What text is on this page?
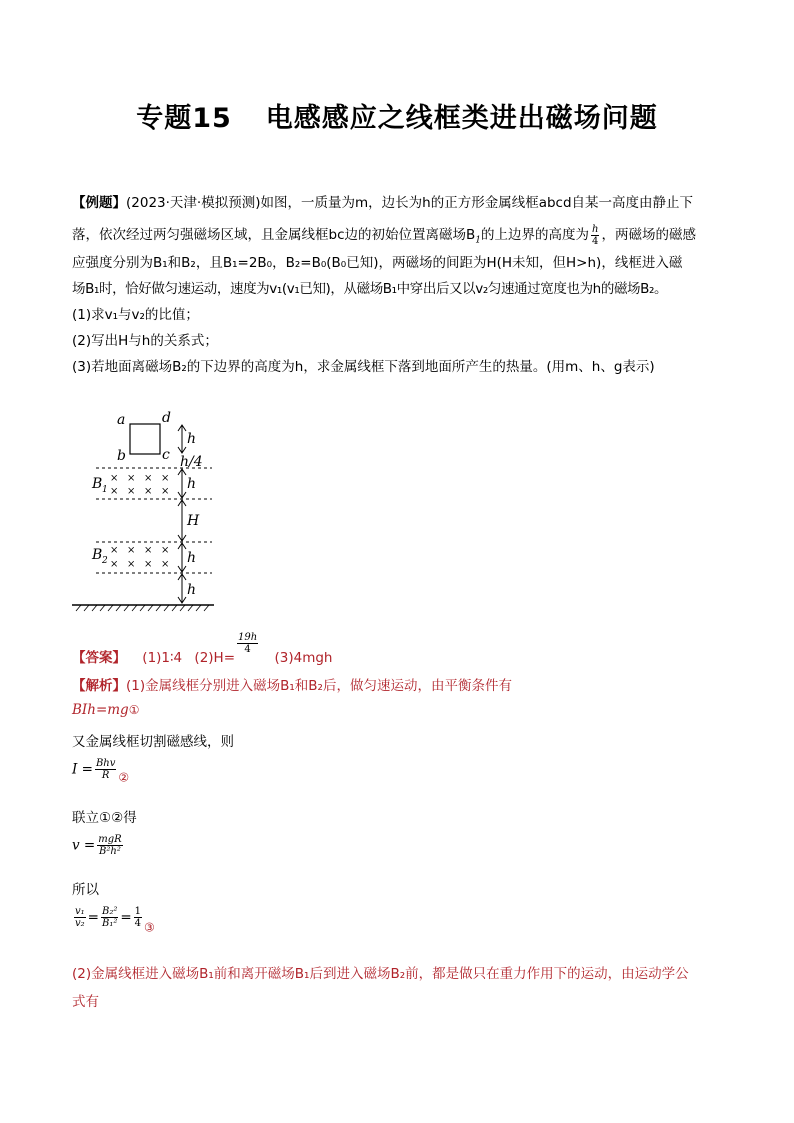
专题15 电感感应之线框类进出磁场问题
【例题】(2023·天津·模拟预测)如图，一质量为m，边长为h的正方形金属线框abcd自某一高度由静止下
落，依次经过两匀强磁场区域，且金属线框bc边的初始位置离磁场$B_1$的上边界的高度为 $\frac{h}{4}$ ，两磁场的磁感
应强度分别为B₁和B₂，且B₁=2B₀，B₂=B₀(B₀已知)，两磁场的间距为H(H未知，但H>h)，线框进入磁
场B₁时，恰好做匀速运动，速度为v₁(v₁已知)，从磁场B₁中穿出后又以v₂匀速通过宽度也为h的磁场B₂。
(1)求v₁与v₂的比值；
(2)写出H与h的关系式；
(3)若地面离磁场B₂的下边界的高度为h，求金属线框下落到地面所产生的热量。(用m、h、g表示)
a	d
b	c
h
h/4
B 1
× × × ×
× × × × h
H
B 2
× × × ×
× × × × h
h
【答案】 (1)1∶4 (2)H=
$\frac{19h}{4}$
(3)4mgh
【解析】(1)金属线框分别进入磁场B₁和B₂后，做匀速运动，由平衡条件有
BIh=mg①
又金属线框切割磁感线，则
$I = \frac{\text{Bhv}}{R}$ ②
联立①②得
$v = \frac{\text{mgR}}{\text{B²h²}}$
所以
$\frac{\text{v₁}}{\text{v₂}} = \frac{\text{B₂²}}{\text{B₁²}} = \frac{1}{4}$ ③
(2)金属线框进入磁场B₁前和离开磁场B₁后到进入磁场B₂前，都是做只在重力作用下的运动，由运动学公
式有
